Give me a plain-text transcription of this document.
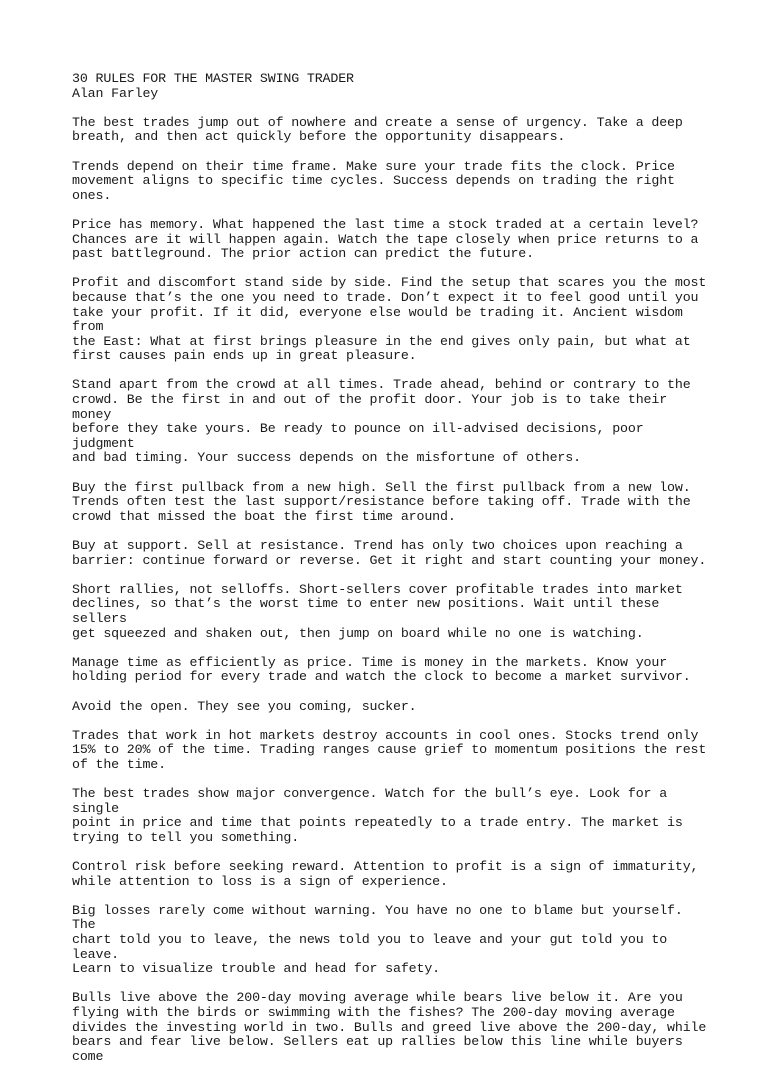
30 RULES FOR THE MASTER SWING TRADER
Alan Farley

The best trades jump out of nowhere and create a sense of urgency. Take a deep
breath, and then act quickly before the opportunity disappears.

Trends depend on their time frame. Make sure your trade fits the clock. Price
movement aligns to specific time cycles. Success depends on trading the right ones.

Price has memory. What happened the last time a stock traded at a certain level?
Chances are it will happen again. Watch the tape closely when price returns to a
past battleground. The prior action can predict the future.

Profit and discomfort stand side by side. Find the setup that scares you the most
because that’s the one you need to trade. Don’t expect it to feel good until you
take your profit. If it did, everyone else would be trading it. Ancient wisdom from
the East: What at first brings pleasure in the end gives only pain, but what at
first causes pain ends up in great pleasure.

Stand apart from the crowd at all times. Trade ahead, behind or contrary to the
crowd. Be the first in and out of the profit door. Your job is to take their money
before they take yours. Be ready to pounce on ill-advised decisions, poor judgment
and bad timing. Your success depends on the misfortune of others.

Buy the first pullback from a new high. Sell the first pullback from a new low.
Trends often test the last support/resistance before taking off. Trade with the
crowd that missed the boat the first time around.

Buy at support. Sell at resistance. Trend has only two choices upon reaching a
barrier: continue forward or reverse. Get it right and start counting your money.

Short rallies, not selloffs. Short-sellers cover profitable trades into market
declines, so that’s the worst time to enter new positions. Wait until these sellers
get squeezed and shaken out, then jump on board while no one is watching.

Manage time as efficiently as price. Time is money in the markets. Know your
holding period for every trade and watch the clock to become a market survivor.

Avoid the open. They see you coming, sucker.

Trades that work in hot markets destroy accounts in cool ones. Stocks trend only
15% to 20% of the time. Trading ranges cause grief to momentum positions the rest
of the time.

The best trades show major convergence. Watch for the bull’s eye. Look for a single
point in price and time that points repeatedly to a trade entry. The market is
trying to tell you something.

Control risk before seeking reward. Attention to profit is a sign of immaturity,
while attention to loss is a sign of experience.

Big losses rarely come without warning. You have no one to blame but yourself. The
chart told you to leave, the news told you to leave and your gut told you to leave.
Learn to visualize trouble and head for safety.

Bulls live above the 200-day moving average while bears live below it. Are you
flying with the birds or swimming with the fishes? The 200-day moving average
divides the investing world in two. Bulls and greed live above the 200-day, while
bears and fear live below. Sellers eat up rallies below this line while buyers come
